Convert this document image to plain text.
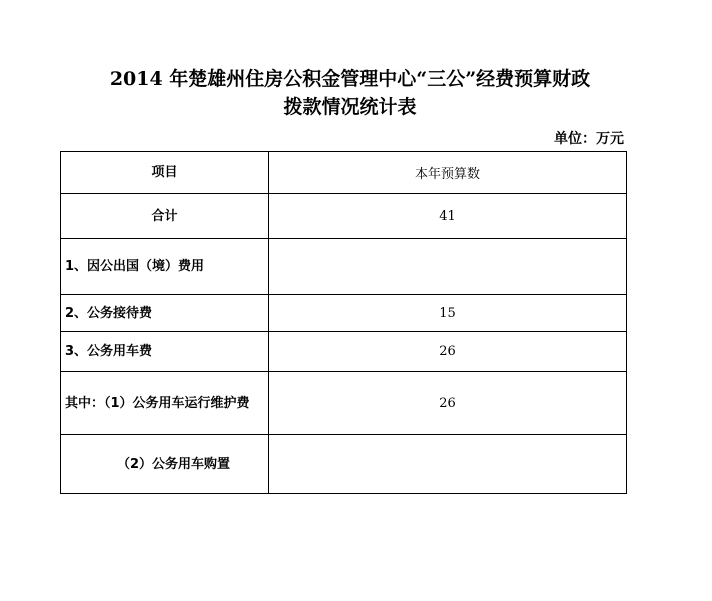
2014 年楚雄州住房公积金管理中心“三公”经费预算财政
拨款情况统计表
单位：万元
项目	本年预算数
合计	41
1、因公出国（境）费用	
2、公务接待费	15
3、公务用车费	26
其中：（1）公务用车运行维护费	26
（2）公务用车购置	
